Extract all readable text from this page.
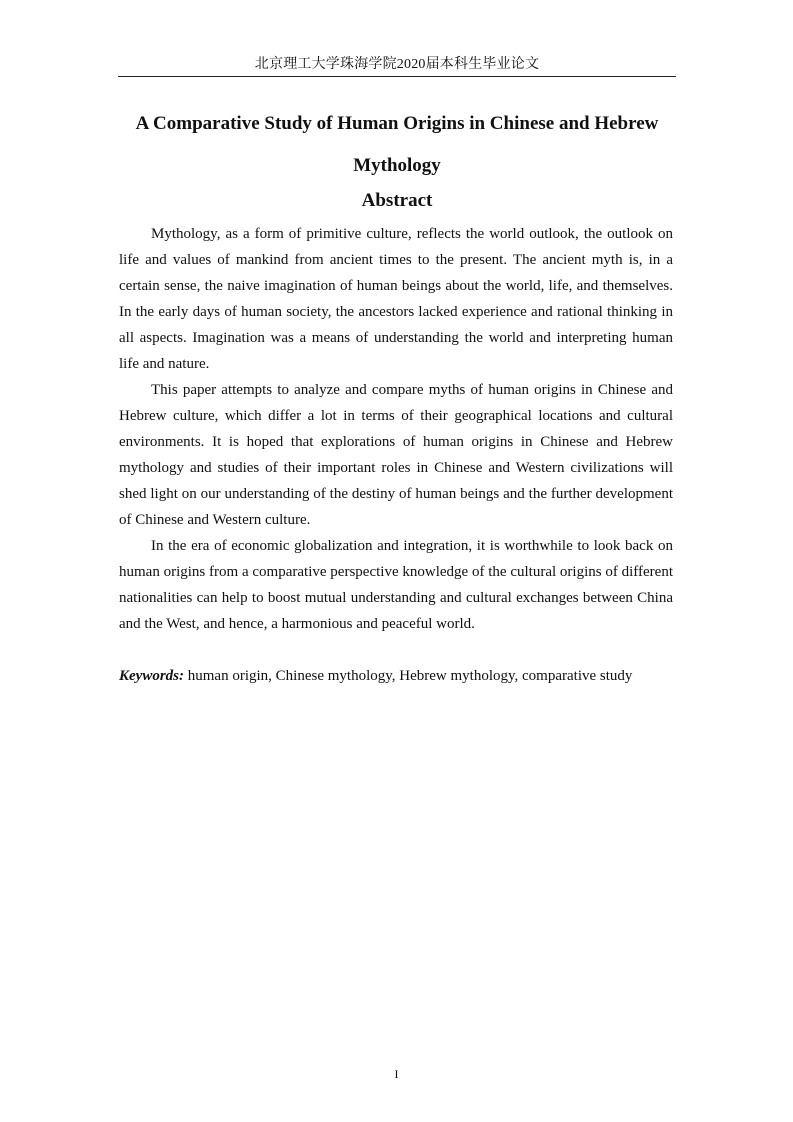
北京理工大学珠海学院2020届本科生毕业论文
A Comparative Study of Human Origins in Chinese and Hebrew Mythology
Abstract

Mythology, as a form of primitive culture, reflects the world outlook, the outlook on life and values of mankind from ancient times to the present. The ancient myth is, in a certain sense, the naive imagination of human beings about the world, life, and themselves. In the early days of human society, the ancestors lacked experience and rational thinking in all aspects. Imagination was a means of understanding the world and interpreting human life and nature.

This paper attempts to analyze and compare myths of human origins in Chinese and Hebrew culture, which differ a lot in terms of their geographical locations and cultural environments. It is hoped that explorations of human origins in Chinese and Hebrew mythology and studies of their important roles in Chinese and Western civilizations will shed light on our understanding of the destiny of human beings and the further development of Chinese and Western culture.

In the era of economic globalization and integration, it is worthwhile to look back on human origins from a comparative perspective knowledge of the cultural origins of different nationalities can help to boost mutual understanding and cultural exchanges between China and the West, and hence, a harmonious and peaceful world.

Keywords: human origin, Chinese mythology, Hebrew mythology, comparative study
I
